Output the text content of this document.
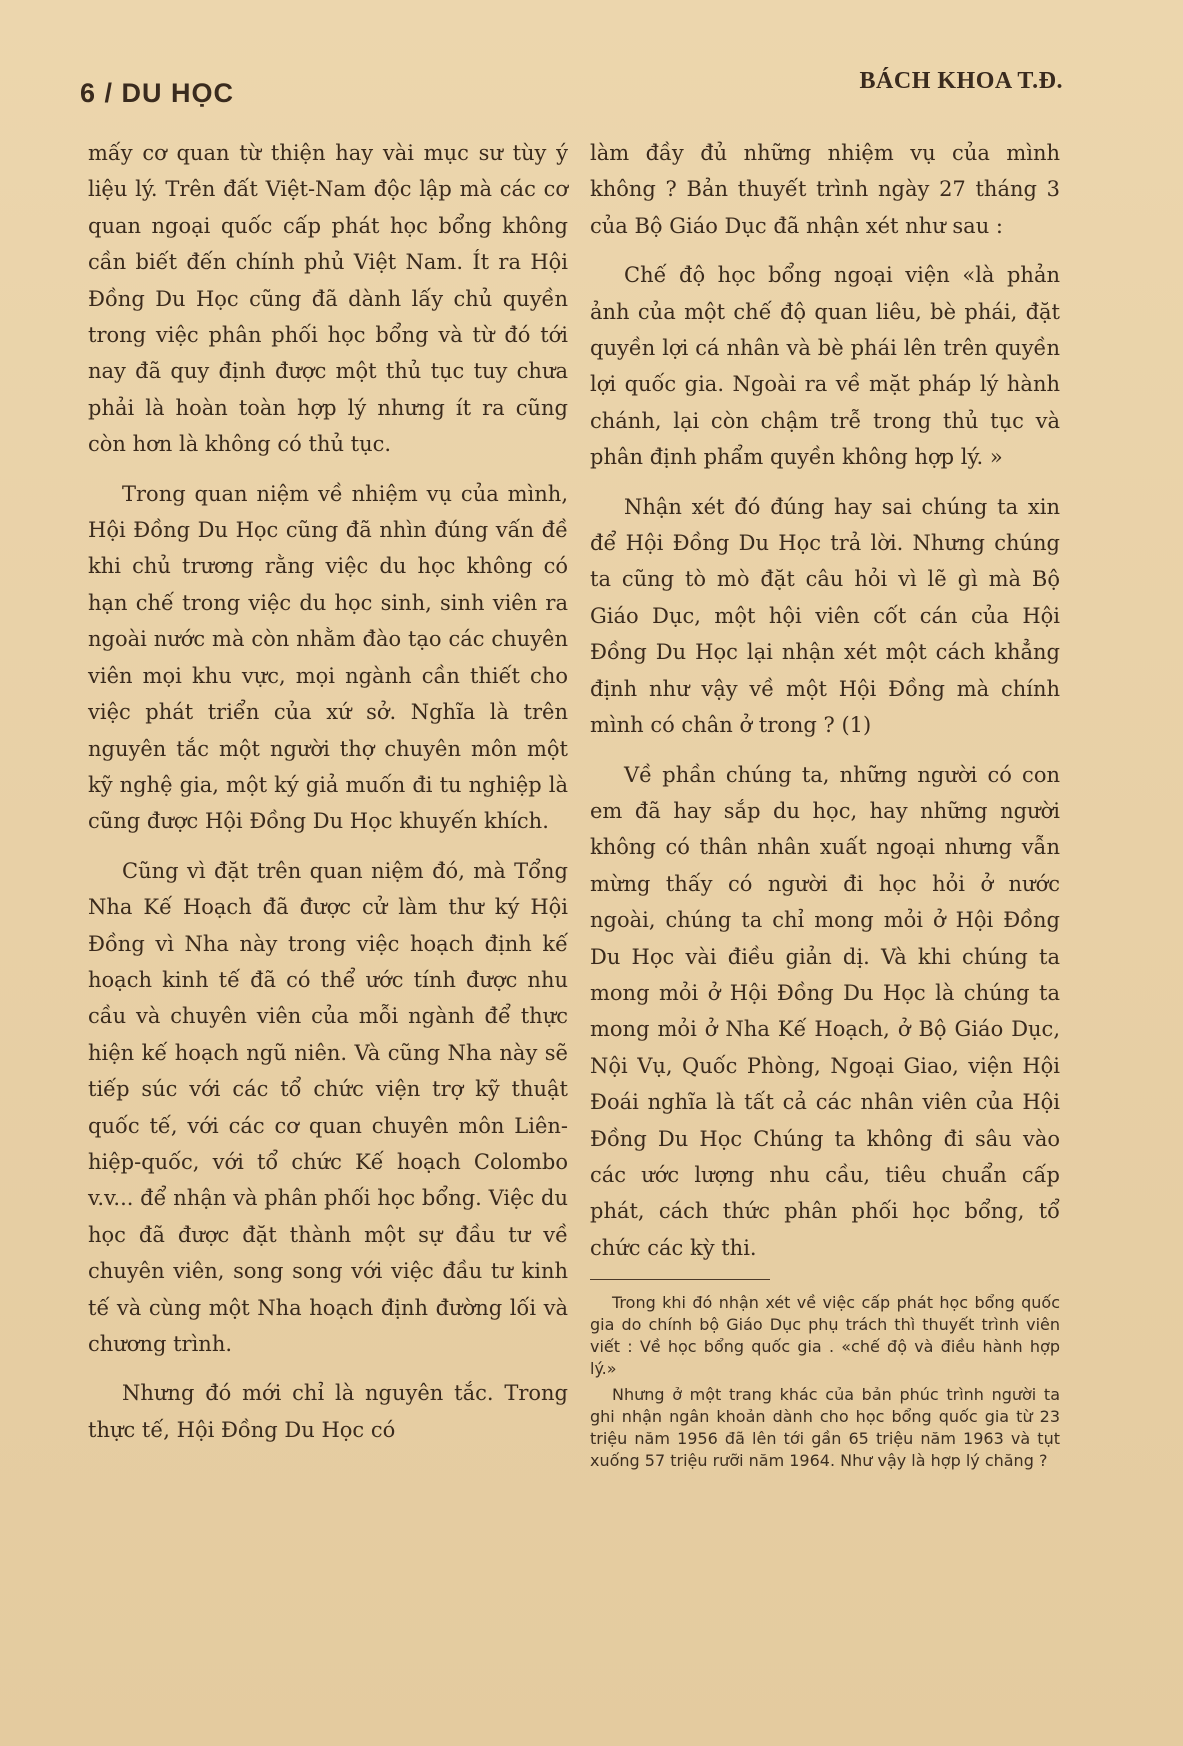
6 / DU HỌC	BÁCH KHOA T.Đ.

mấy cơ quan từ thiện hay vài mục sư tùy ý liệu lý. Trên đất Việt-Nam độc lập mà các cơ quan ngoại quốc cấp phát học bổng không cần biết đến chính phủ Việt Nam. Ít ra Hội Đồng Du Học cũng đã dành lấy chủ quyền trong việc phân phối học bổng và từ đó tới nay đã quy định được một thủ tục tuy chưa phải là hoàn toàn hợp lý nhưng ít ra cũng còn hơn là không có thủ tục.

Trong quan niệm về nhiệm vụ của mình, Hội Đồng Du Học cũng đã nhìn đúng vấn đề khi chủ trương rằng việc du học không có hạn chế trong việc du học sinh, sinh viên ra ngoài nước mà còn nhằm đào tạo các chuyên viên mọi khu vực, mọi ngành cần thiết cho việc phát triển của xứ sở. Nghĩa là trên nguyên tắc một người thợ chuyên môn một kỹ nghệ gia, một ký giả muốn đi tu nghiệp là cũng được Hội Đồng Du Học khuyến khích.

Cũng vì đặt trên quan niệm đó, mà Tổng Nha Kế Hoạch đã được cử làm thư ký Hội Đồng vì Nha này trong việc hoạch định kế hoạch kinh tế đã có thể ước tính được nhu cầu và chuyên viên của mỗi ngành để thực hiện kế hoạch ngũ niên. Và cũng Nha này sẽ tiếp súc với các tổ chức viện trợ kỹ thuật quốc tế, với các cơ quan chuyên môn Liên-hiệp-quốc, với tổ chức Kế hoạch Colombo v.v... để nhận và phân phối học bổng. Việc du học đã được đặt thành một sự đầu tư về chuyên viên, song song với việc đầu tư kinh tế và cùng một Nha hoạch định đường lối và chương trình.

Nhưng đó mới chỉ là nguyên tắc. Trong thực tế, Hội Đồng Du Học có

làm đầy đủ những nhiệm vụ của mình không ? Bản thuyết trình ngày 27 tháng 3 của Bộ Giáo Dục đã nhận xét như sau :

Chế độ học bổng ngoại viện «là phản ảnh của một chế độ quan liêu, bè phái, đặt quyền lợi cá nhân và bè phái lên trên quyền lợi quốc gia. Ngoài ra về mặt pháp lý hành chánh, lại còn chậm trễ trong thủ tục và phân định phẩm quyền không hợp lý. »

Nhận xét đó đúng hay sai chúng ta xin để Hội Đồng Du Học trả lời. Nhưng chúng ta cũng tò mò đặt câu hỏi vì lẽ gì mà Bộ Giáo Dục, một hội viên cốt cán của Hội Đồng Du Học lại nhận xét một cách khẳng định như vậy về một Hội Đồng mà chính mình có chân ở trong ? (1)

Về phần chúng ta, những người có con em đã hay sắp du học, hay những người không có thân nhân xuất ngoại nhưng vẫn mừng thấy có người đi học hỏi ở nước ngoài, chúng ta chỉ mong mỏi ở Hội Đồng Du Học vài điều giản dị. Và khi chúng ta mong mỏi ở Hội Đồng Du Học là chúng ta mong mỏi ở Nha Kế Hoạch, ở Bộ Giáo Dục, Nội Vụ, Quốc Phòng, Ngoại Giao, viện Hội Đoái nghĩa là tất cả các nhân viên của Hội Đồng Du Học Chúng ta không đi sâu vào các ước lượng nhu cầu, tiêu chuẩn cấp phát, cách thức phân phối học bổng, tổ chức các kỳ thi.

Trong khi đó nhận xét về việc cấp phát học bổng quốc gia do chính bộ Giáo Dục phụ trách thì thuyết trình viên viết : Về học bổng quốc gia . «chế độ và điều hành hợp lý.»

Nhưng ở một trang khác của bản phúc trình người ta ghi nhận ngân khoản dành cho học bổng quốc gia từ 23 triệu năm 1956 đã lên tới gần 65 triệu năm 1963 và tụt xuống 57 triệu rưỡi năm 1964. Như vậy là hợp lý chăng ?
